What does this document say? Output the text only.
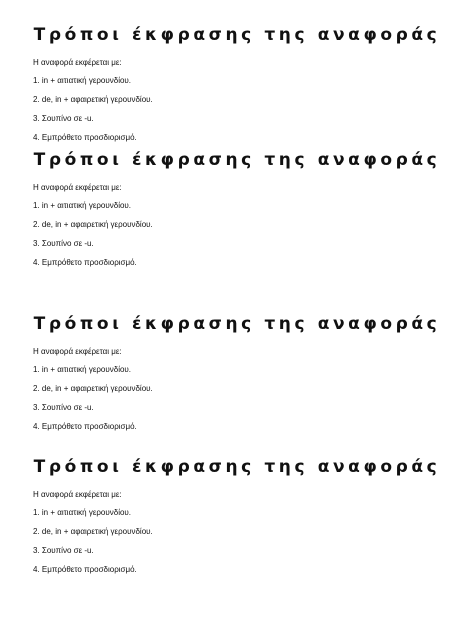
Τρόποι έκφρασης της αναφοράς
Η αναφορά εκφέρεται με:
1. in + αιτιατική γερουνδίου.
2. de, in + αφαιρετική γερουνδίου.
3. Σουπίνο σε -u.
4. Εμπρόθετο προσδιορισμό.
Τρόποι έκφρασης της αναφοράς
Η αναφορά εκφέρεται με:
1. in + αιτιατική γερουνδίου.
2. de, in + αφαιρετική γερουνδίου.
3. Σουπίνο σε -u.
4. Εμπρόθετο προσδιορισμό.
Τρόποι έκφρασης της αναφοράς
Η αναφορά εκφέρεται με:
1. in + αιτιατική γερουνδίου.
2. de, in + αφαιρετική γερουνδίου.
3. Σουπίνο σε -u.
4. Εμπρόθετο προσδιορισμό.
Τρόποι έκφρασης της αναφοράς
Η αναφορά εκφέρεται με:
1. in + αιτιατική γερουνδίου.
2. de, in + αφαιρετική γερουνδίου.
3. Σουπίνο σε -u.
4. Εμπρόθετο προσδιορισμό.
